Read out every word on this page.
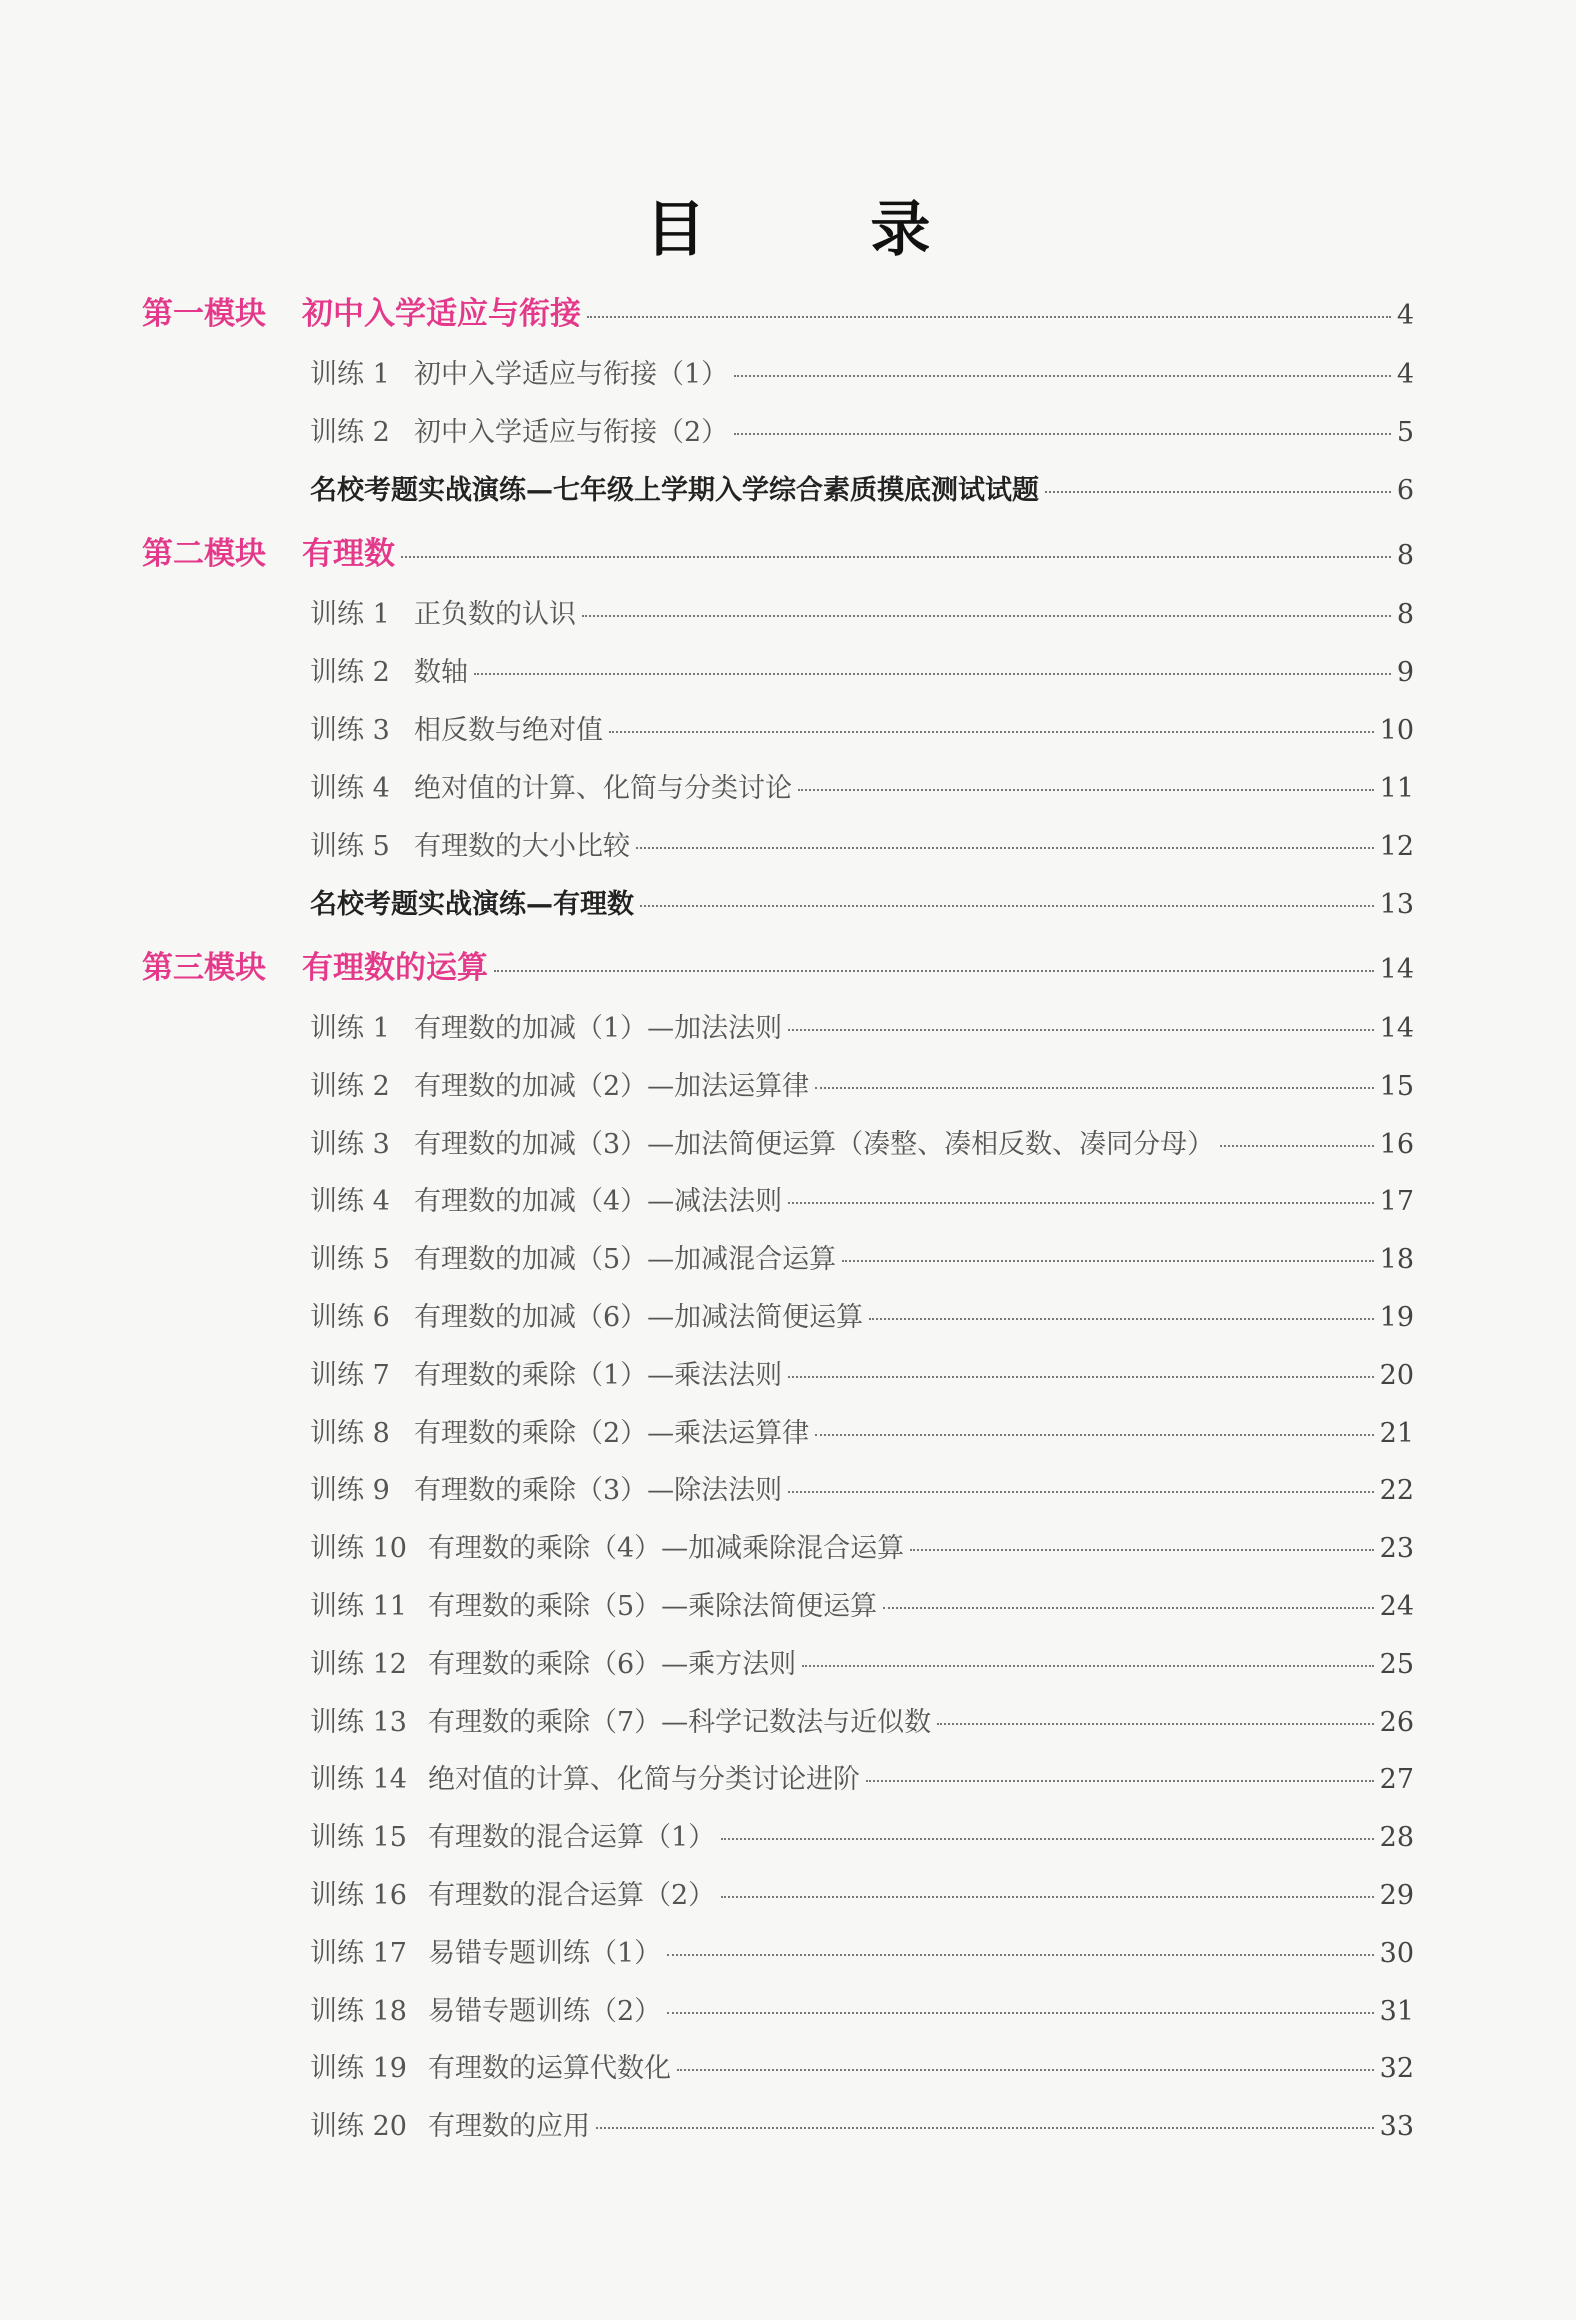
目 录
第一模块	初中入学适应与衔接	4
训练 1 初中入学适应与衔接（1）	4
训练 2 初中入学适应与衔接（2）	5
名校考题实战演练—七年级上学期入学综合素质摸底测试试题	6
第二模块	有理数	8
训练 1 正负数的认识	8
训练 2 数轴	9
训练 3 相反数与绝对值	10
训练 4 绝对值的计算、化简与分类讨论	11
训练 5 有理数的大小比较	12
名校考题实战演练—有理数	13
第三模块	有理数的运算	14
训练 1 有理数的加减（1）—加法法则	14
训练 2 有理数的加减（2）—加法运算律	15
训练 3 有理数的加减（3）—加法简便运算（凑整、凑相反数、凑同分母）	16
训练 4 有理数的加减（4）—减法法则	17
训练 5 有理数的加减（5）—加减混合运算	18
训练 6 有理数的加减（6）—加减法简便运算	19
训练 7 有理数的乘除（1）—乘法法则	20
训练 8 有理数的乘除（2）—乘法运算律	21
训练 9 有理数的乘除（3）—除法法则	22
训练 10 有理数的乘除（4）—加减乘除混合运算	23
训练 11 有理数的乘除（5）—乘除法简便运算	24
训练 12 有理数的乘除（6）—乘方法则	25
训练 13 有理数的乘除（7）—科学记数法与近似数	26
训练 14 绝对值的计算、化简与分类讨论进阶	27
训练 15 有理数的混合运算（1）	28
训练 16 有理数的混合运算（2）	29
训练 17 易错专题训练（1）	30
训练 18 易错专题训练（2）	31
训练 19 有理数的运算代数化	32
训练 20 有理数的应用	33
